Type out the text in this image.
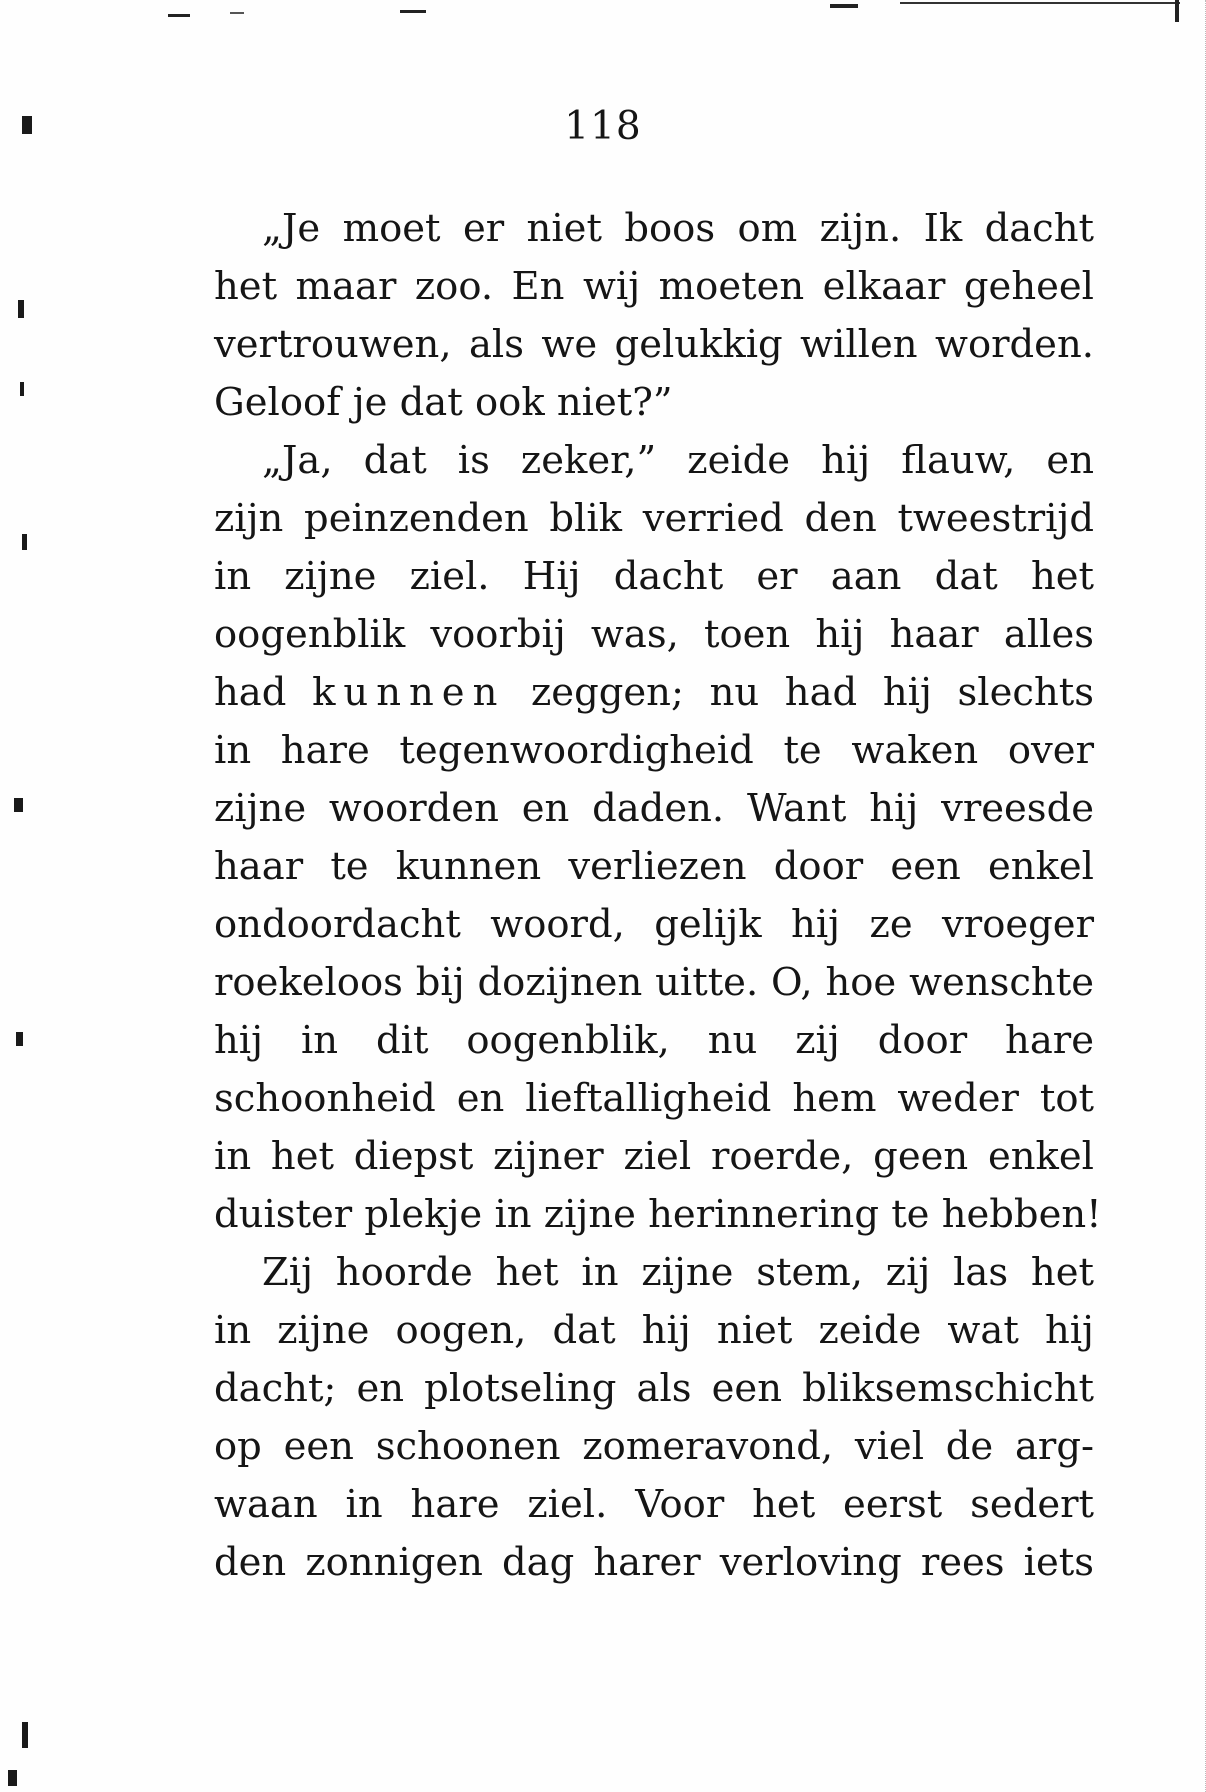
118
„Je moet er niet boos om zijn. Ik dacht
het maar zoo. En wij moeten elkaar geheel
vertrouwen, als we gelukkig willen worden.
Geloof je dat ook niet?”
„Ja, dat is zeker,” zeide hij flauw, en
zijn peinzenden blik verried den tweestrijd
in zijne ziel. Hij dacht er aan dat het
oogenblik voorbij was, toen hij haar alles
had kunnen zeggen; nu had hij slechts
in hare tegenwoordigheid te waken over
zijne woorden en daden. Want hij vreesde
haar te kunnen verliezen door een enkel
ondoordacht woord, gelijk hij ze vroeger
roekeloos bij dozijnen uitte. O, hoe wenschte
hij in dit oogenblik, nu zij door hare
schoonheid en lieftalligheid hem weder tot
in het diepst zijner ziel roerde, geen enkel
duister plekje in zijne herinnering te hebben!
Zij hoorde het in zijne stem, zij las het
in zijne oogen, dat hij niet zeide wat hij
dacht; en plotseling als een bliksemschicht
op een schoonen zomeravond, viel de arg-
waan in hare ziel. Voor het eerst sedert
den zonnigen dag harer verloving rees iets
